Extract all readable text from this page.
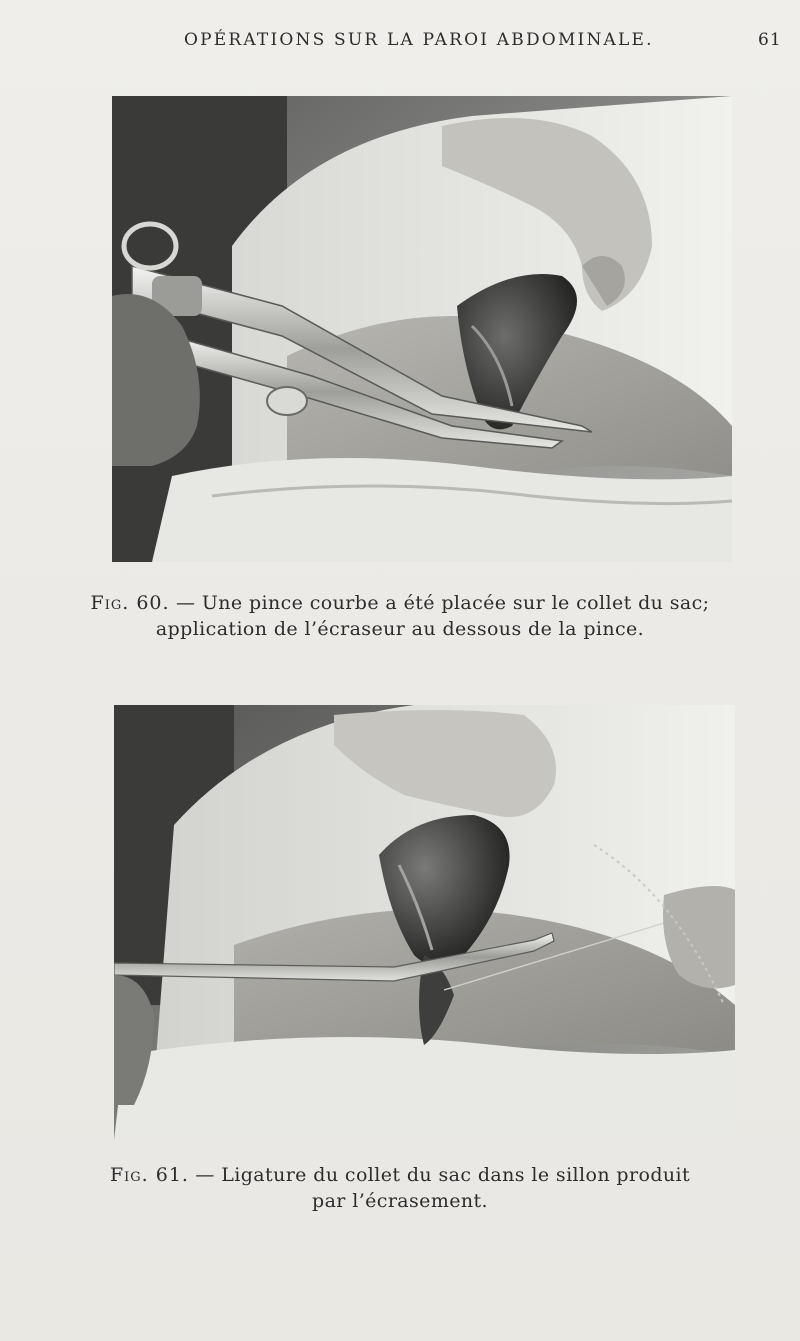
OPÉRATIONS SUR LA PAROI ABDOMINALE.	61
Fig. 60. — Une pince courbe a été placée sur le collet du sac;
application de l’écraseur au dessous de la pince.
Fig. 61. — Ligature du collet du sac dans le sillon produit
par l’écrasement.
